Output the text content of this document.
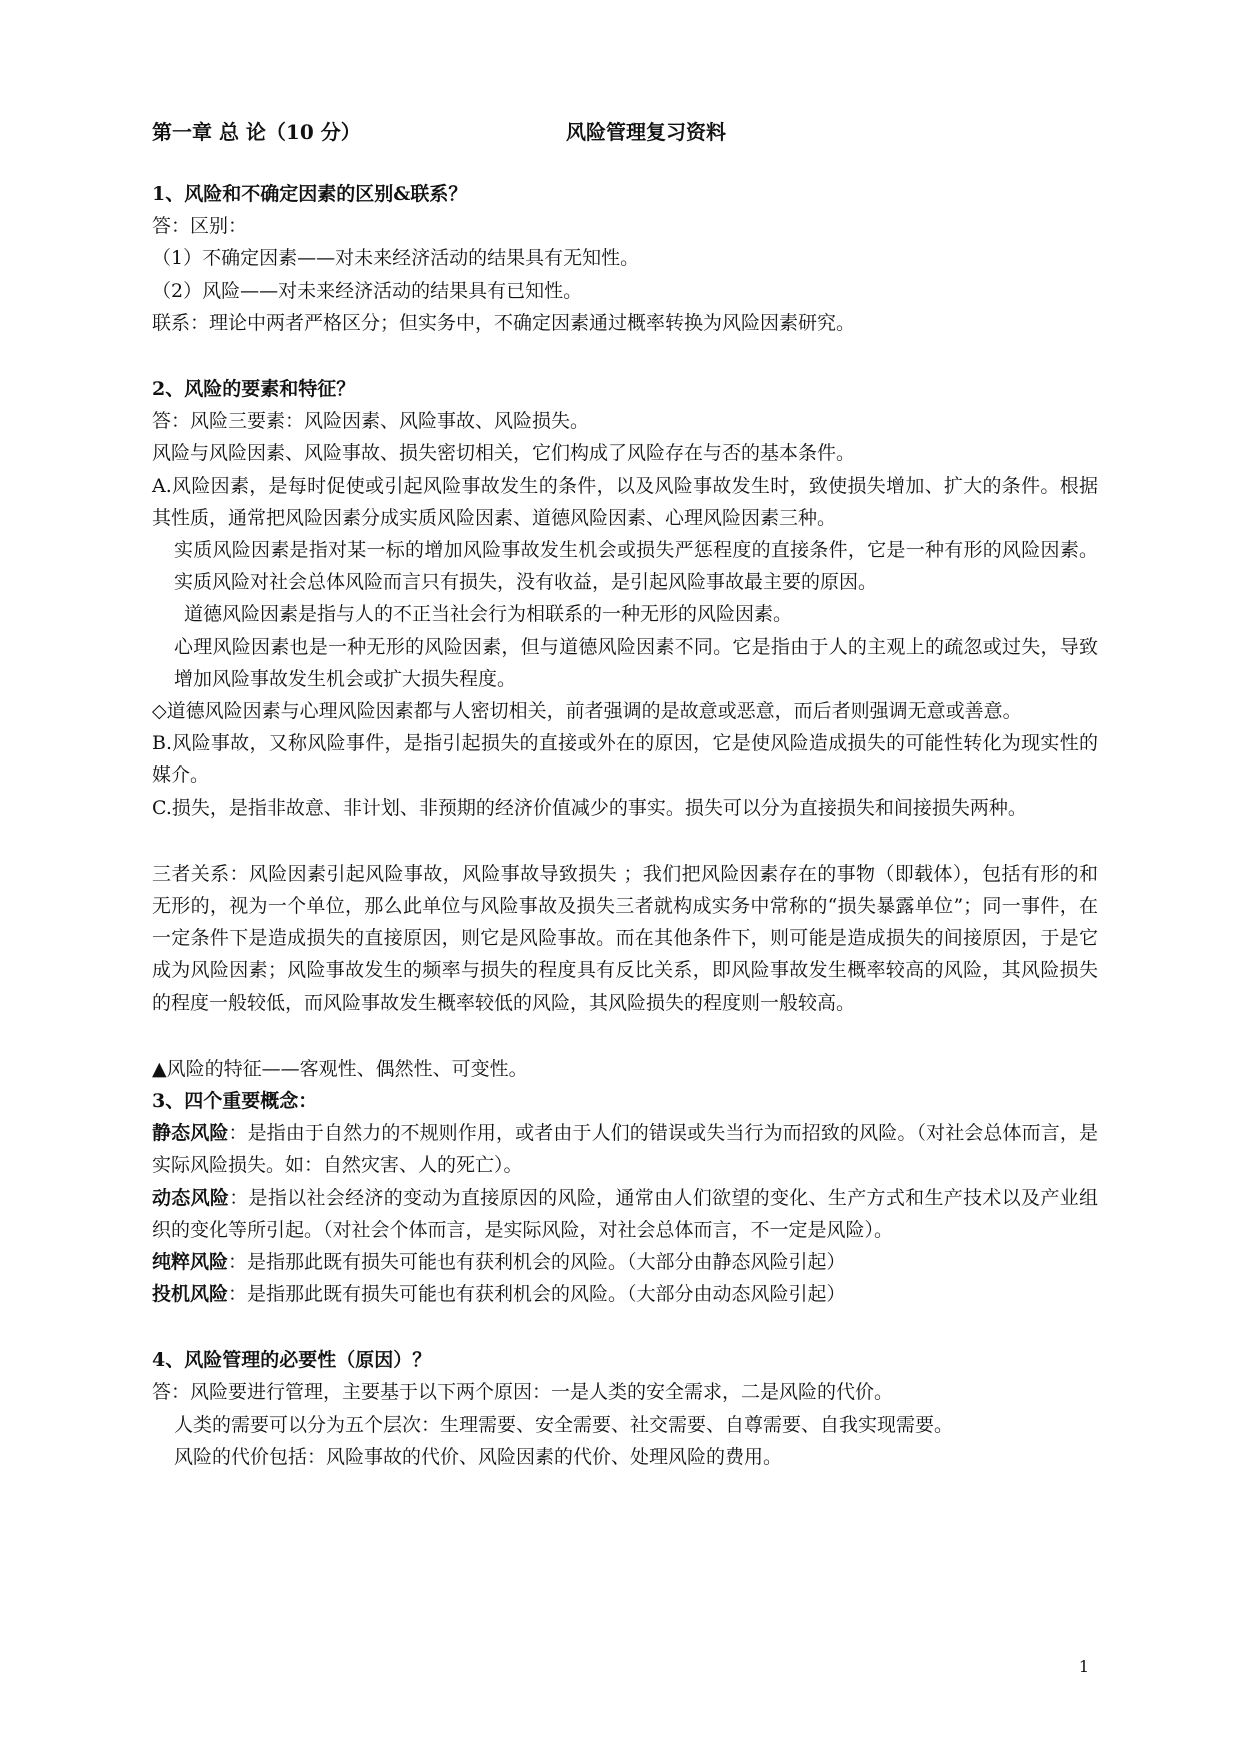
第一章 总 论（10 分）	风险管理复习资料
1、风险和不确定因素的区别&联系？
答：区别：
（1）不确定因素——对未来经济活动的结果具有无知性。
（2）风险——对未来经济活动的结果具有已知性。
联系：理论中两者严格区分；但实务中，不确定因素通过概率转换为风险因素研究。
2、风险的要素和特征？
答：风险三要素：风险因素、风险事故、风险损失。
风险与风险因素、风险事故、损失密切相关，它们构成了风险存在与否的基本条件。
A.风险因素，是每时促使或引起风险事故发生的条件，以及风险事故发生时，致使损失增加、扩大的条件。根据其性质，通常把风险因素分成实质风险因素、道德风险因素、心理风险因素三种。
实质风险因素是指对某一标的增加风险事故发生机会或损失严惩程度的直接条件，它是一种有形的风险因素。实质风险对社会总体风险而言只有损失，没有收益，是引起风险事故最主要的原因。
道德风险因素是指与人的不正当社会行为相联系的一种无形的风险因素。
心理风险因素也是一种无形的风险因素，但与道德风险因素不同。它是指由于人的主观上的疏忽或过失，导致增加风险事故发生机会或扩大损失程度。
◇道德风险因素与心理风险因素都与人密切相关，前者强调的是故意或恶意，而后者则强调无意或善意。
B.风险事故，又称风险事件，是指引起损失的直接或外在的原因，它是使风险造成损失的可能性转化为现实性的媒介。
C.损失，是指非故意、非计划、非预期的经济价值减少的事实。损失可以分为直接损失和间接损失两种。
三者关系：风险因素引起风险事故，风险事故导致损失 ；我们把风险因素存在的事物（即载体），包括有形的和无形的，视为一个单位，那么此单位与风险事故及损失三者就构成实务中常称的“损失暴露单位”；同一事件，在一定条件下是造成损失的直接原因，则它是风险事故。而在其他条件下，则可能是造成损失的间接原因，于是它成为风险因素；风险事故发生的频率与损失的程度具有反比关系，即风险事故发生概率较高的风险，其风险损失的程度一般较低，而风险事故发生概率较低的风险，其风险损失的程度则一般较高。
▲风险的特征——客观性、偶然性、可变性。
3、四个重要概念：
静态风险：是指由于自然力的不规则作用，或者由于人们的错误或失当行为而招致的风险。（对社会总体而言，是实际风险损失。如：自然灾害、人的死亡）。
动态风险：是指以社会经济的变动为直接原因的风险，通常由人们欲望的变化、生产方式和生产技术以及产业组织的变化等所引起。（对社会个体而言，是实际风险，对社会总体而言，不一定是风险）。
纯粹风险：是指那此既有损失可能也有获利机会的风险。（大部分由静态风险引起）
投机风险：是指那此既有损失可能也有获利机会的风险。（大部分由动态风险引起）
4、风险管理的必要性（原因）？
答：风险要进行管理，主要基于以下两个原因：一是人类的安全需求，二是风险的代价。
人类的需要可以分为五个层次：生理需要、安全需要、社交需要、自尊需要、自我实现需要。
风险的代价包括：风险事故的代价、风险因素的代价、处理风险的费用。
1
